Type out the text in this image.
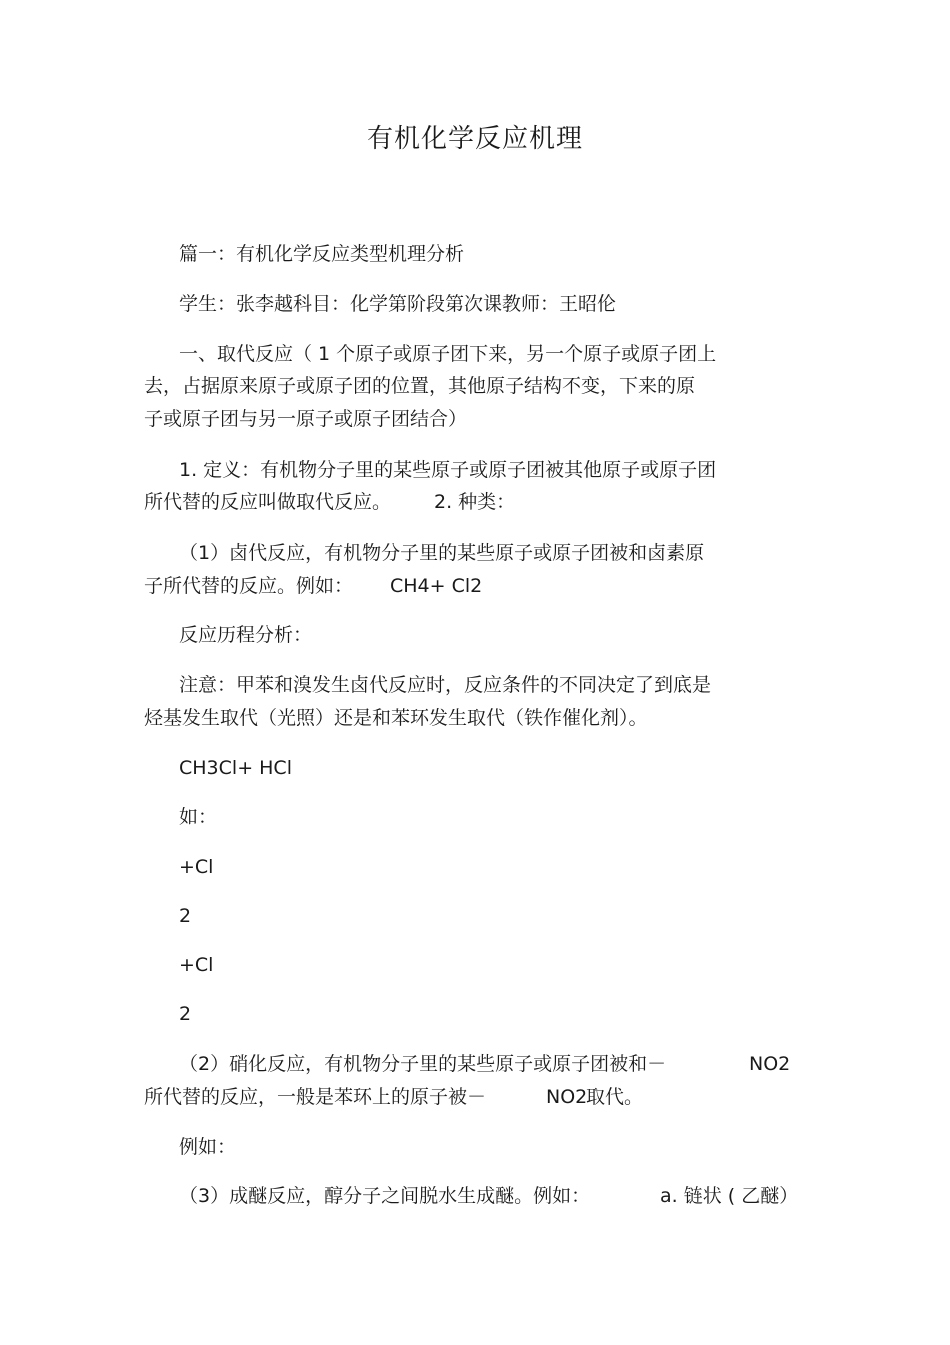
有机化学反应机理
篇一：有机化学反应类型机理分析
学生：张李越科目：化学第阶段第次课教师：王昭伦
一、取代反应（ 1 个原子或原子团下来，另一个原子或原子团上
去，占据原来原子或原子团的位置，其他原子结构不变，下来的原
子或原子团与另一原子或原子团结合）
1. 定义：有机物分子里的某些原子或原子团被其他原子或原子团
所代替的反应叫做取代反应。 2. 种类：
（1）卤代反应，有机物分子里的某些原子或原子团被和卤素原
子所代替的反应。例如： CH4+ Cl2
反应历程分析：
注意：甲苯和溴发生卤代反应时，反应条件的不同决定了到底是
烃基发生取代（光照）还是和苯环发生取代（铁作催化剂）。
CH3Cl+ HCl
如：
+Cl
2
+Cl
2
（2）硝化反应，有机物分子里的某些原子或原子团被和－	NO2
所代替的反应，一般是苯环上的原子被－	NO2
取代。
例如：
（3）成醚反应，醇分子之间脱水生成醚。例如：	a. 链状 ( 乙醚）
